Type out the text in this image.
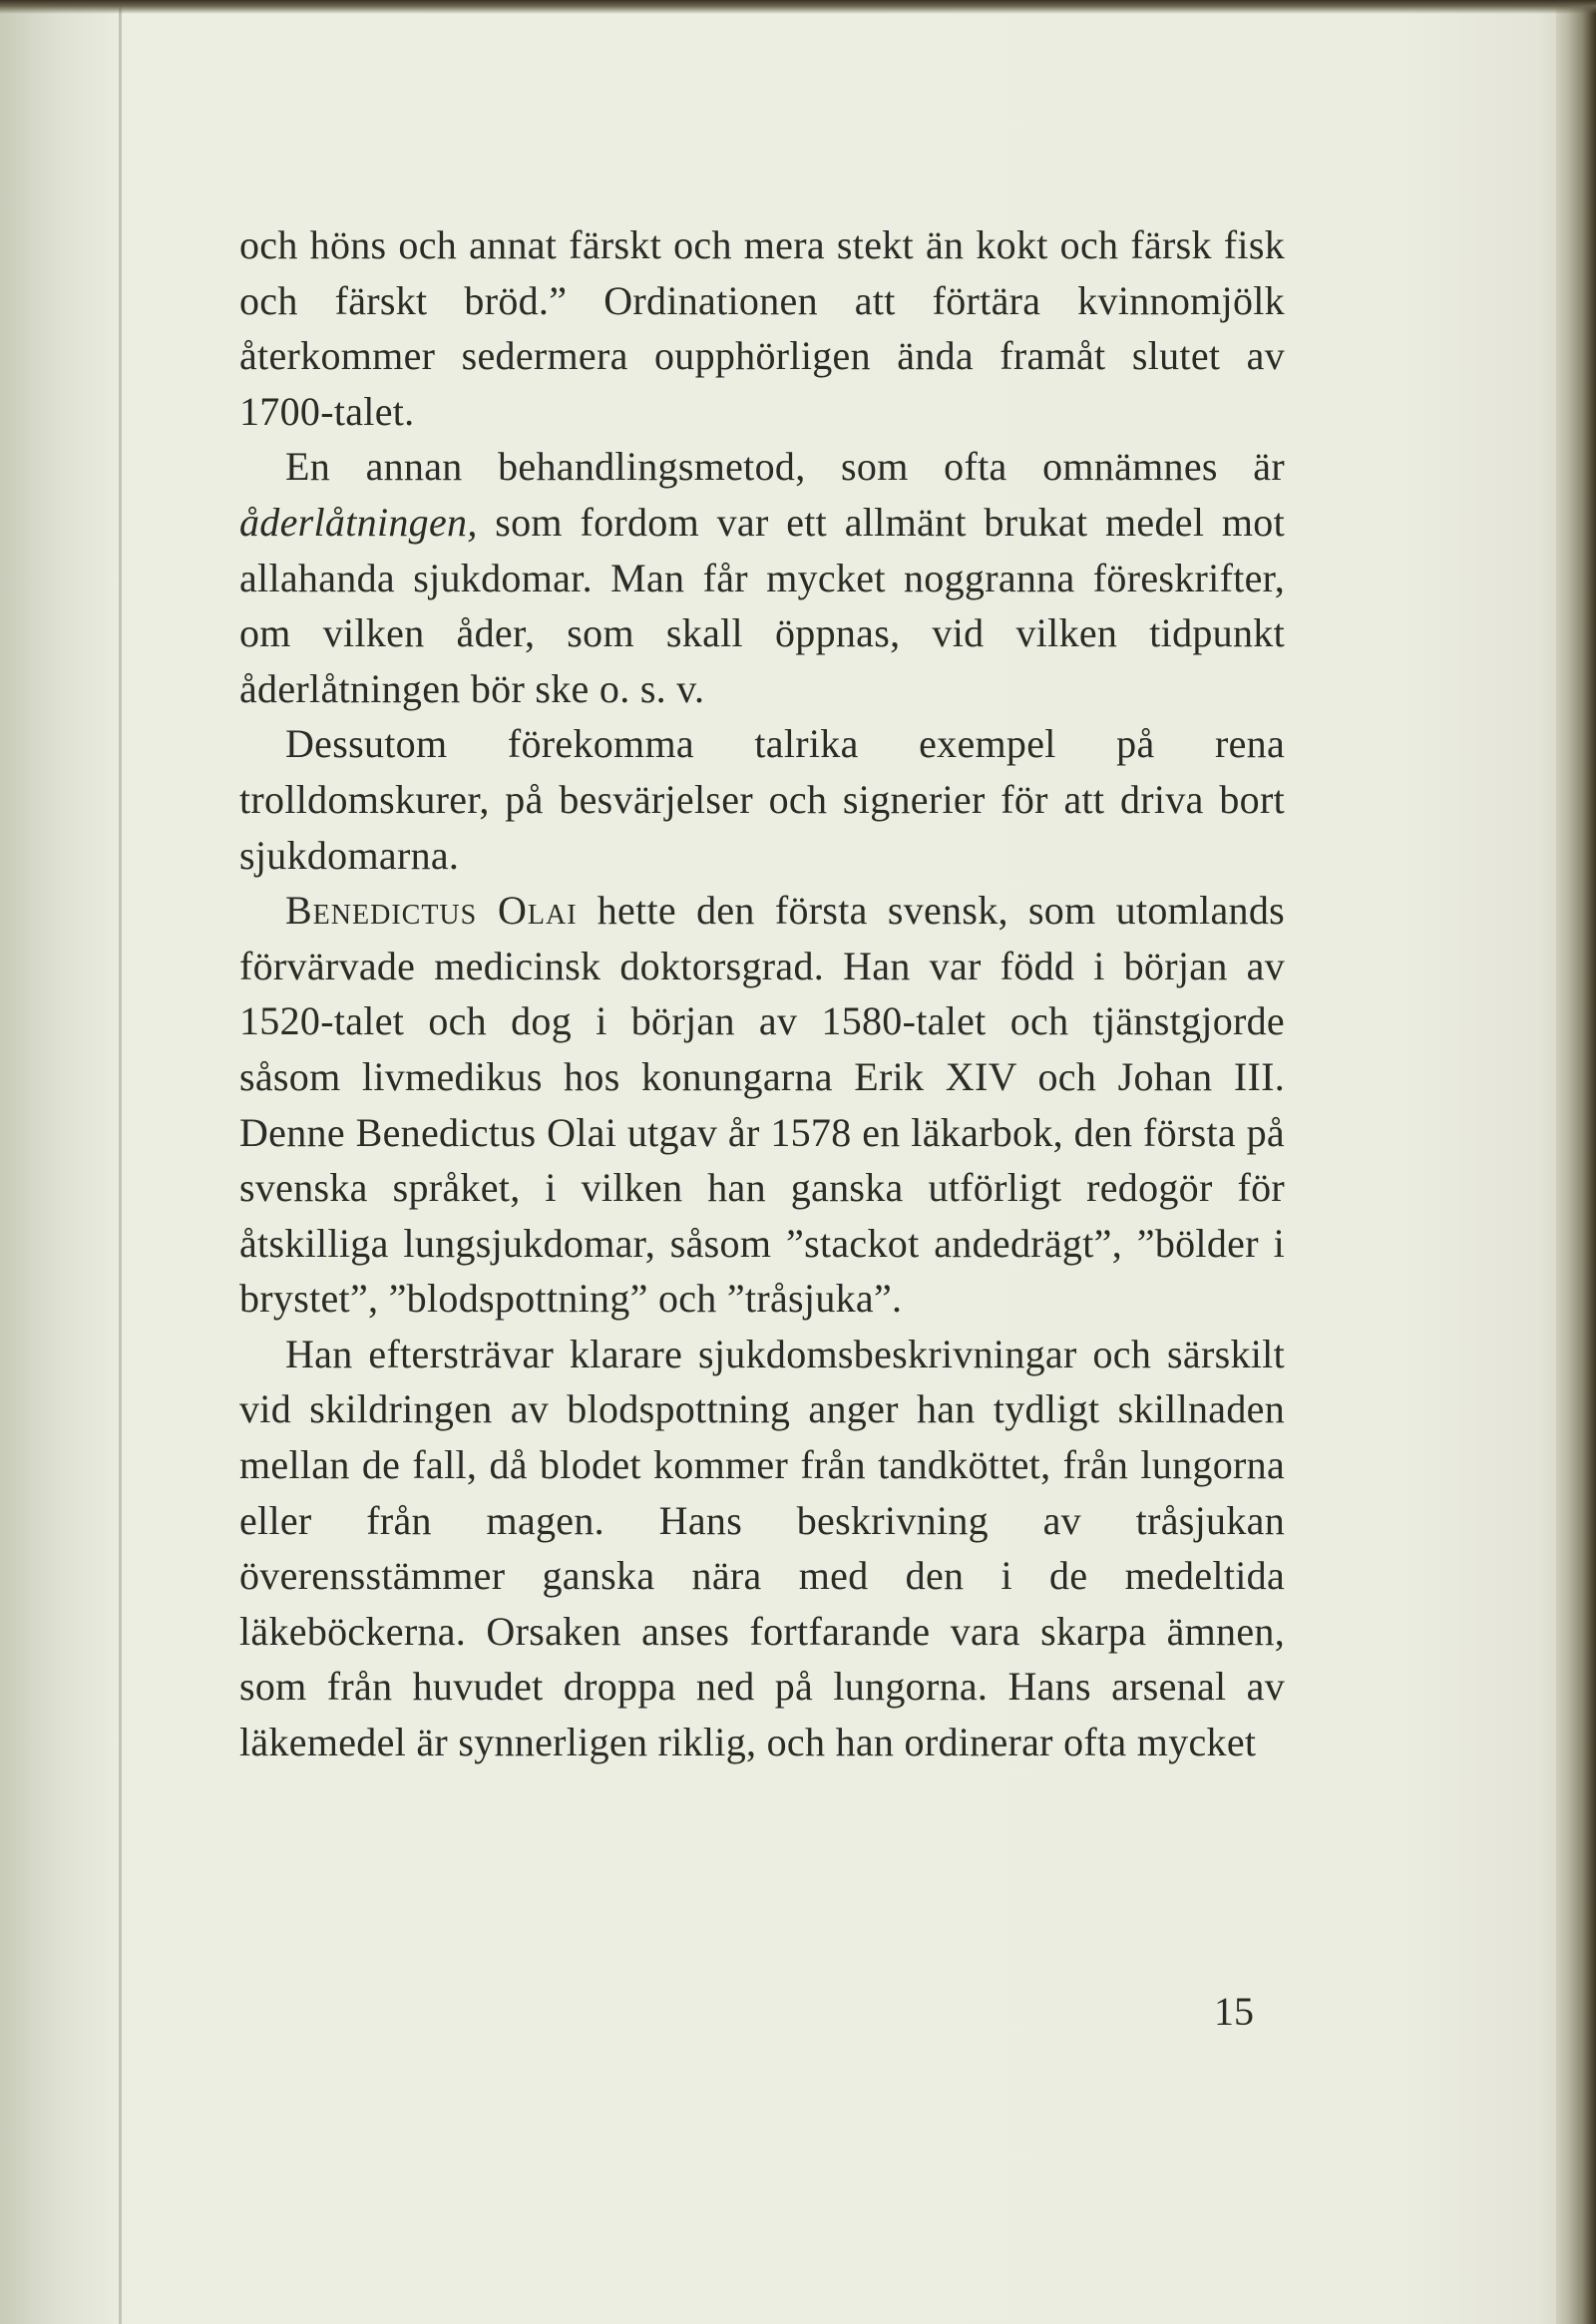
och höns och annat färskt och mera stekt än kokt och färsk fisk och färskt bröd.” Ordinationen att förtära kvinnomjölk återkommer sedermera oupphörligen ända framåt slutet av 1700-talet.

En annan behandlingsmetod, som ofta omnämnes är åderlåtningen, som fordom var ett allmänt brukat medel mot allahanda sjukdomar. Man får mycket noggranna föreskrifter, om vilken åder, som skall öppnas, vid vilken tidpunkt åderlåtningen bör ske o. s. v.

Dessutom förekomma talrika exempel på rena trolldomskurer, på besvärjelser och signerier för att driva bort sjukdomarna.

Benedictus Olai hette den första svensk, som utomlands förvärvade medicinsk doktorsgrad. Han var född i början av 1520-talet och dog i början av 1580-talet och tjänstgjorde såsom livmedikus hos konungarna Erik XIV och Johan III. Denne Benedictus Olai utgav år 1578 en läkarbok, den första på svenska språket, i vilken han ganska utförligt redogör för åtskilliga lungsjukdomar, såsom ”stackot andedrägt”, ”bölder i brystet”, ”blodspottning” och ”tråsjuka”.

Han eftersträvar klarare sjukdomsbeskrivningar och särskilt vid skildringen av blodspottning anger han tydligt skillnaden mellan de fall, då blodet kommer från tandköttet, från lungorna eller från magen. Hans beskrivning av tråsjukan överensstämmer ganska nära med den i de medeltida läkeböckerna. Orsaken anses fortfarande vara skarpa ämnen, som från huvudet droppa ned på lungorna. Hans arsenal av läkemedel är synnerligen riklig, och han ordinerar ofta mycket

15
